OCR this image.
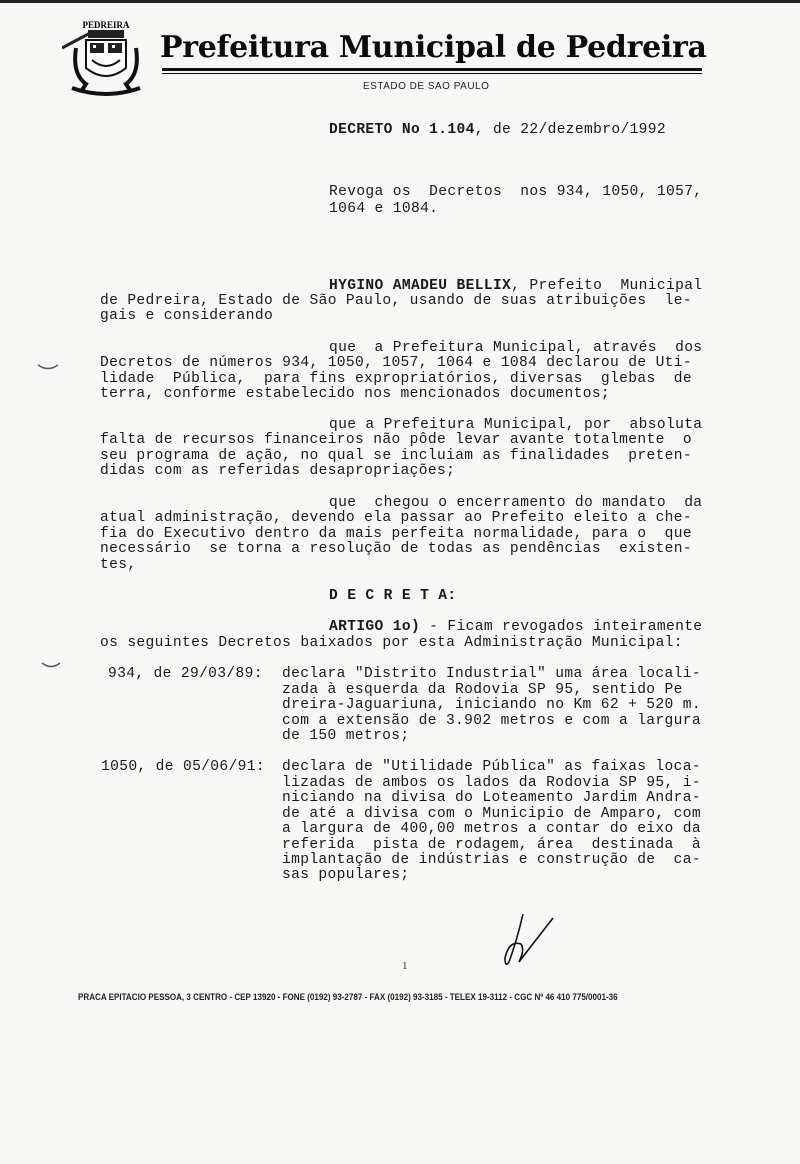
PEDREIRA
Prefeitura Municipal de Pedreira
ESTADO DE SAO PAULO
DECRETO No 1.104, de 22/dezembro/1992
Revoga os  Decretos  nos 934, 1050, 1057,
1064 e 1084.
HYGINO AMADEU BELLIX, Prefeito  Municipal
de Pedreira, Estado de São Paulo, usando de suas atribuições  le-
gais e considerando
que  a Prefeitura Municipal, através  dos
Decretos de números 934, 1050, 1057, 1064 e 1084 declarou de Uti-
lidade  Pública,  para fins expropriatórios, diversas  glebas  de
terra, conforme estabelecido nos mencionados documentos;
que a Prefeitura Municipal, por  absoluta
falta de recursos financeiros não pôde levar avante totalmente  o
seu programa de ação, no qual se incluiam as finalidades  preten-
didas com as referidas desapropriações;
que  chegou o encerramento do mandato  da
atual administração, devendo ela passar ao Prefeito eleito a che-
fia do Executivo dentro da mais perfeita normalidade, para o  que
necessário  se torna a resolução de todas as pendências  existen-
tes,
D E C R E T A:
ARTIGO 1o) - Ficam revogados inteiramente
os seguintes Decretos baixados por esta Administração Municipal:
934, de 29/03/89: declara "Distrito Industrial" uma área locali-
zada à esquerda da Rodovia SP 95, sentido Pe
dreira-Jaguariuna, iniciando no Km 62 + 520 m.
com a extensão de 3.902 metros e com a largura
de 150 metros;
1050, de 05/06/91: declara de "Utilidade Pública" as faixas loca-
lizadas de ambos os lados da Rodovia SP 95, i-
niciando na divisa do Loteamento Jardim Andra-
de até a divisa com o Municipio de Amparo, com
a largura de 400,00 metros a contar do eixo da
referida  pista de rodagem, área  destinada  à
implantação de indústrias e construção de  ca-
sas populares;
1
PRACA EPITACIO PESSOA, 3 CENTRO - CEP 13920 - FONE (0192) 93-2787 - FAX (0192) 93-3185 - TELEX 19-3112 - CGC Nº 46 410 775/0001-36
